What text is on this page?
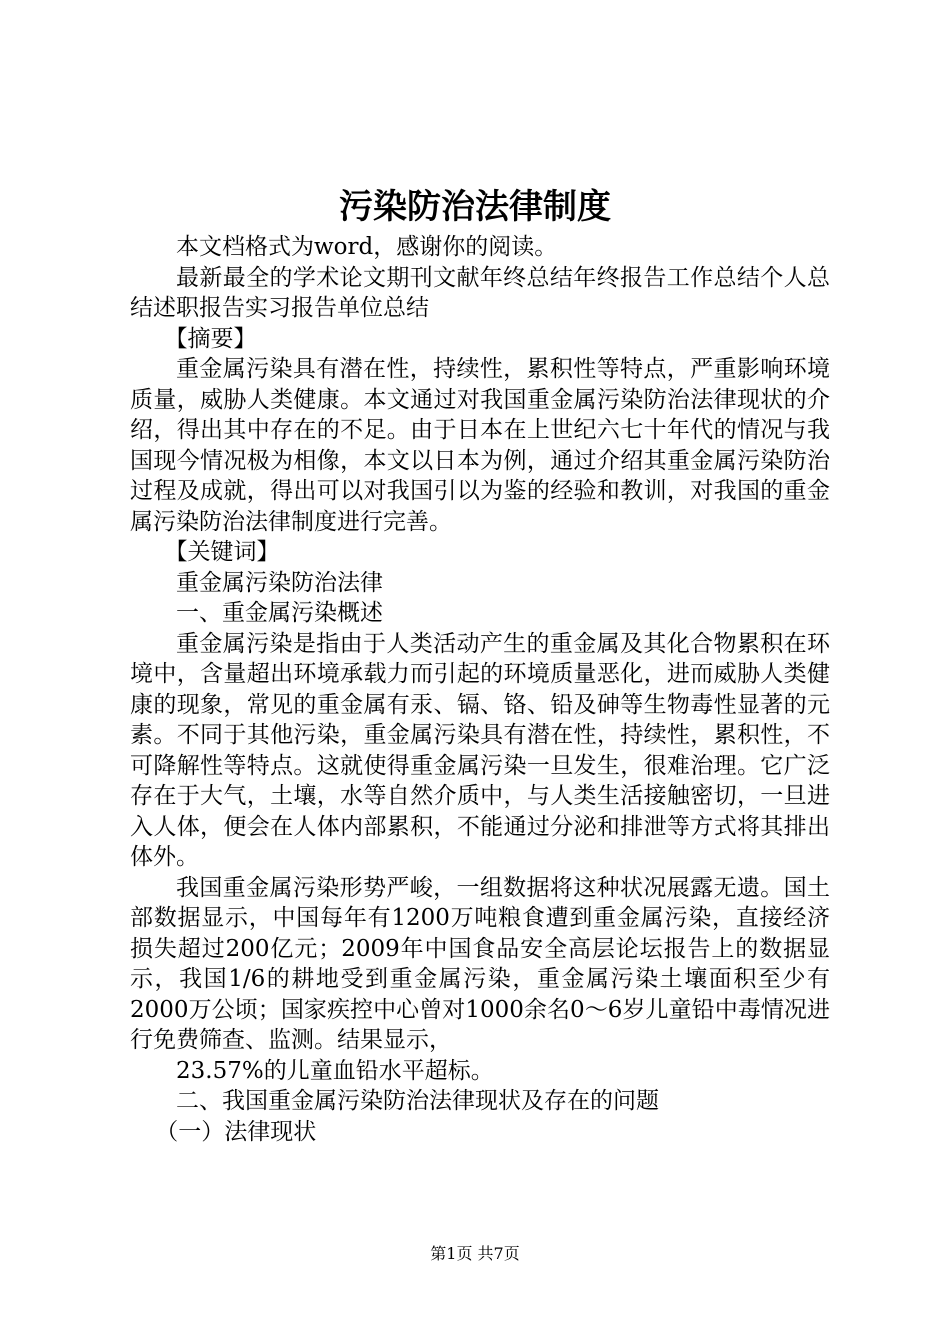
污染防治法律制度

本文档格式为word，感谢你的阅读。

最新最全的学术论文期刊文献年终总结年终报告工作总结个人总结述职报告实习报告单位总结

【摘要】

重金属污染具有潜在性，持续性，累积性等特点，严重影响环境质量，威胁人类健康。本文通过对我国重金属污染防治法律现状的介绍，得出其中存在的不足。由于日本在上世纪六七十年代的情况与我国现今情况极为相像，本文以日本为例，通过介绍其重金属污染防治过程及成就，得出可以对我国引以为鉴的经验和教训，对我国的重金属污染防治法律制度进行完善。

【关键词】

重金属污染防治法律

一、重金属污染概述

重金属污染是指由于人类活动产生的重金属及其化合物累积在环境中，含量超出环境承载力而引起的环境质量恶化，进而威胁人类健康的现象，常见的重金属有汞、镉、铬、铅及砷等生物毒性显著的元素。不同于其他污染，重金属污染具有潜在性，持续性，累积性，不可降解性等特点。这就使得重金属污染一旦发生，很难治理。它广泛存在于大气，土壤，水等自然介质中，与人类生活接触密切，一旦进入人体，便会在人体内部累积，不能通过分泌和排泄等方式将其排出体外。

我国重金属污染形势严峻，一组数据将这种状况展露无遗。国土部数据显示，中国每年有1200万吨粮食遭到重金属污染，直接经济损失超过200亿元；2009年中国食品安全高层论坛报告上的数据显示，我国1/6的耕地受到重金属污染，重金属污染土壤面积至少有2000万公顷；国家疾控中心曾对1000余名0～6岁儿童铅中毒情况进行免费筛查、监测。结果显示，

23.57%的儿童血铅水平超标。

二、我国重金属污染防治法律现状及存在的问题

（一）法律现状

第1页 共7页
